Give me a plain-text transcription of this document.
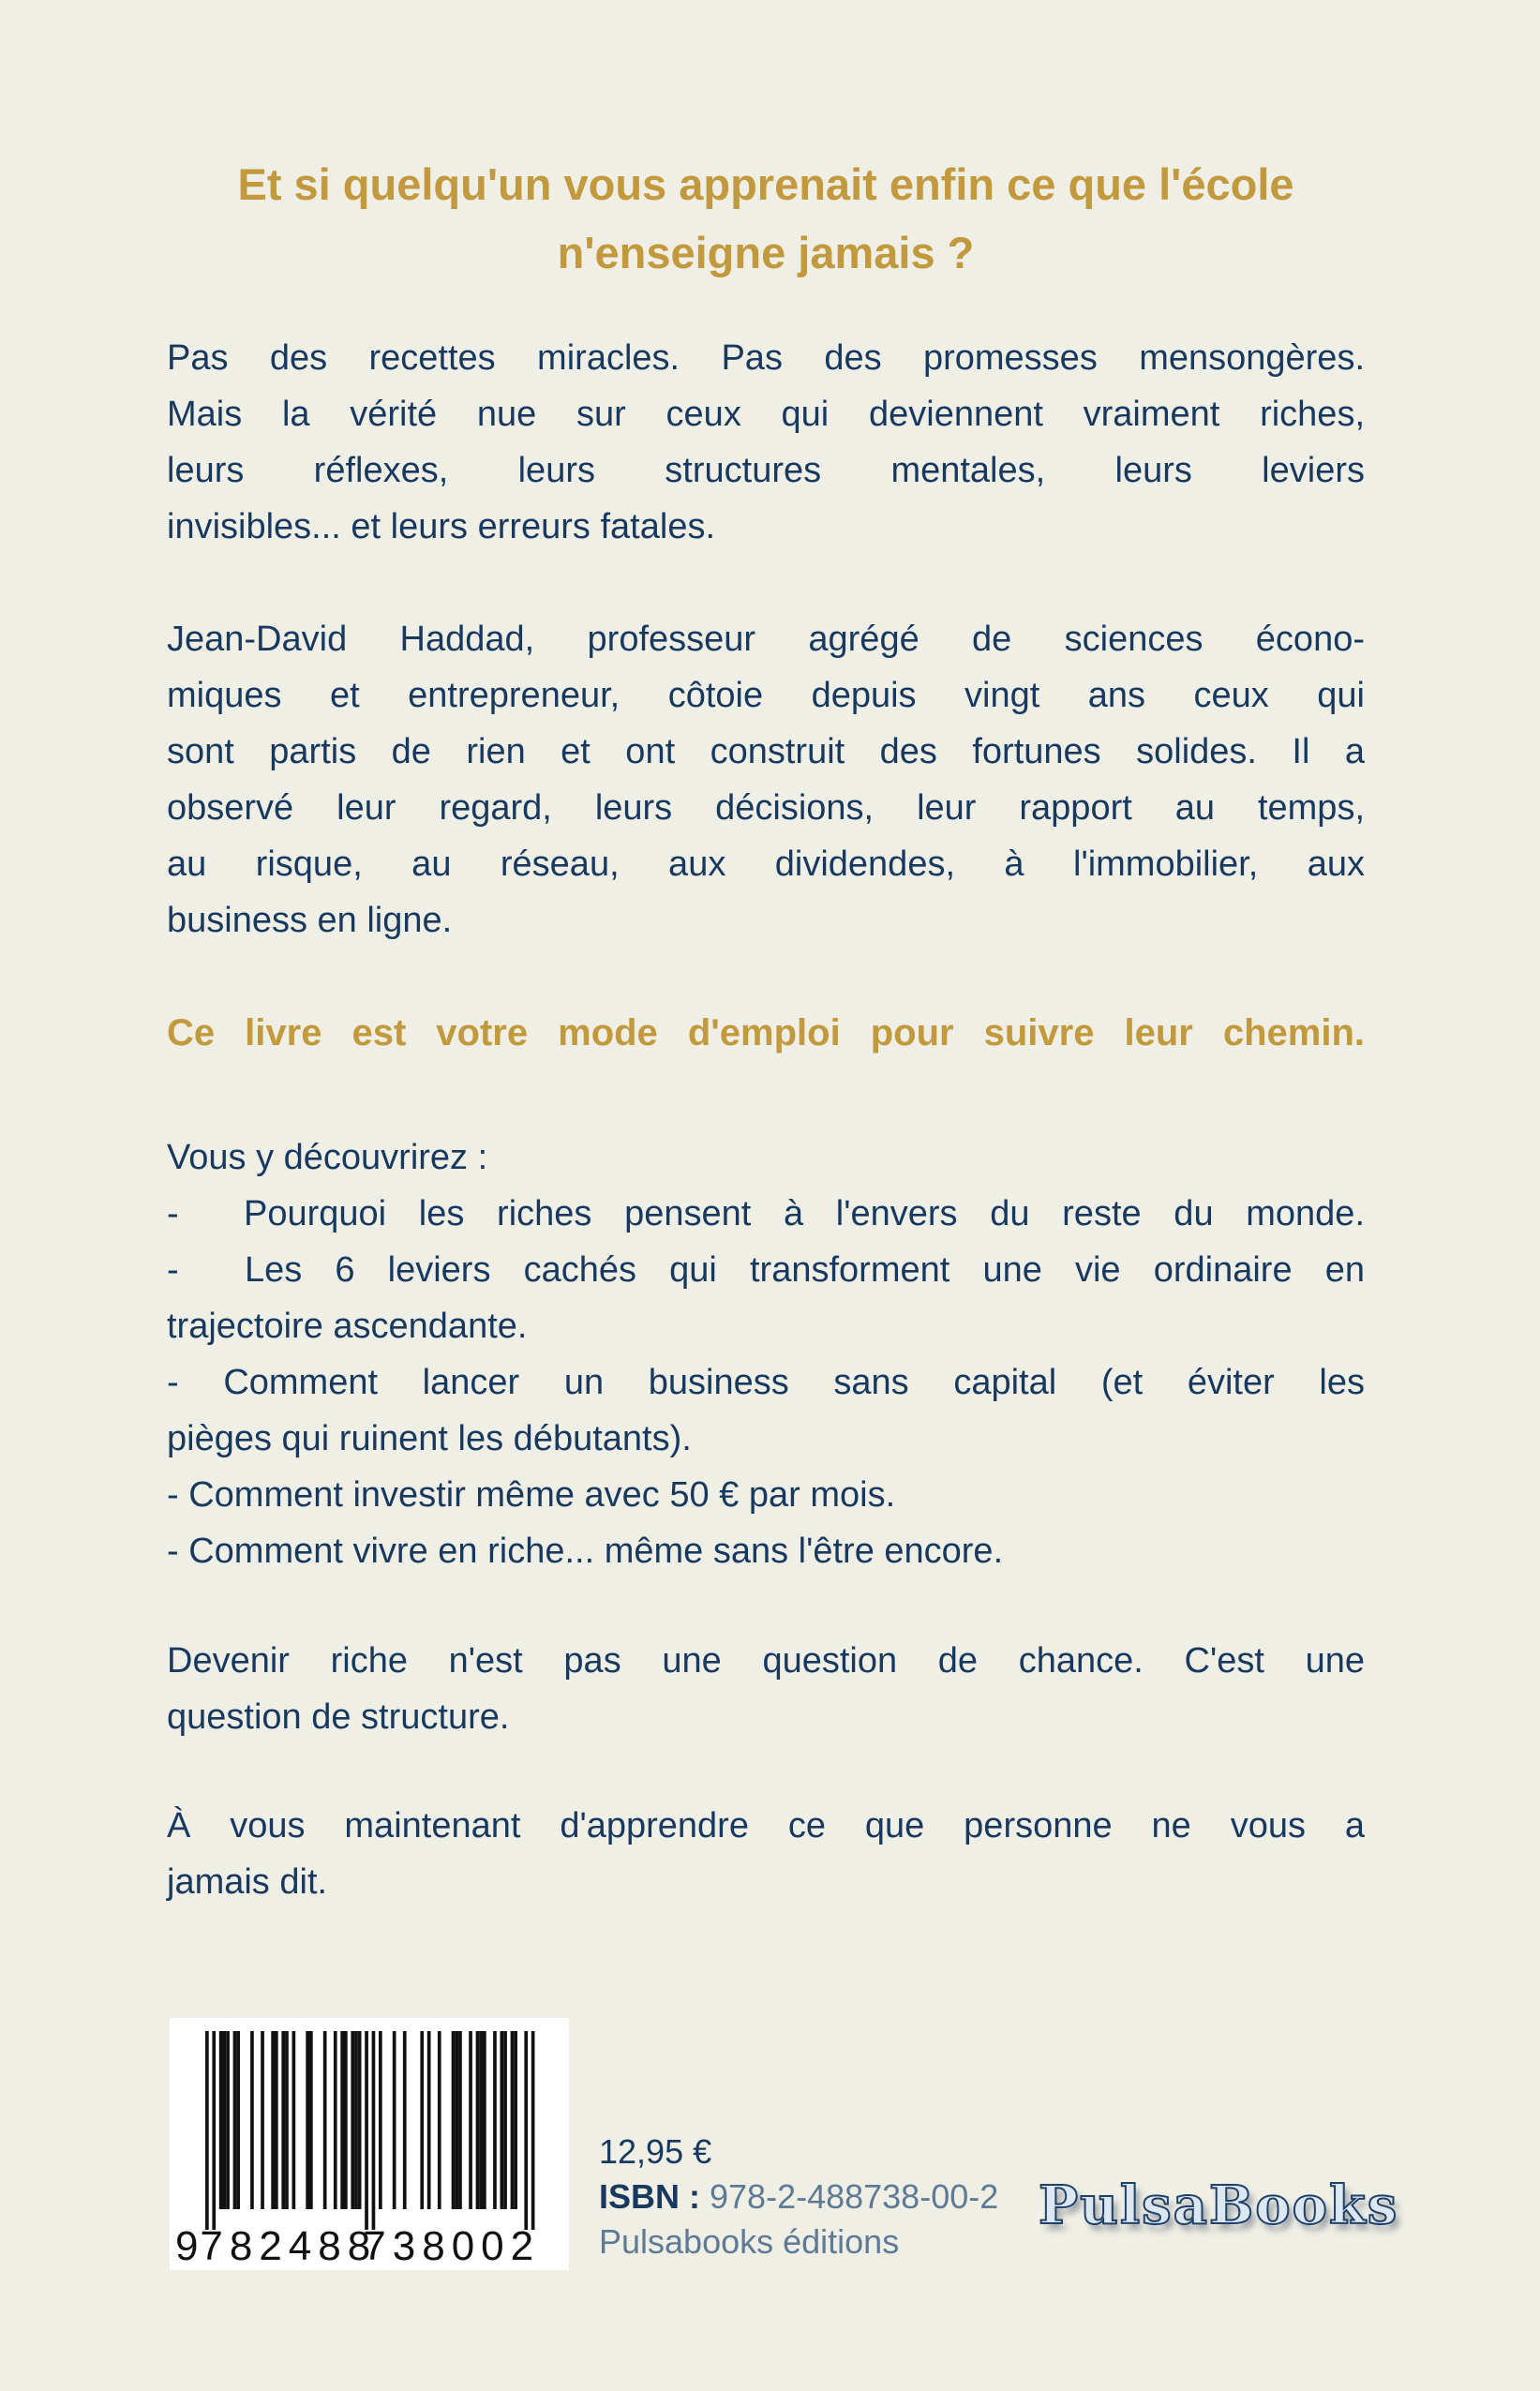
Et si quelqu'un vous apprenait enfin ce que l'école n'enseigne jamais ?
Pas des recettes miracles. Pas des promesses mensongères.
Mais la vérité nue sur ceux qui deviennent vraiment riches,
leurs réflexes, leurs structures mentales, leurs leviers
invisibles... et leurs erreurs fatales.
Jean-David Haddad, professeur agrégé de sciences écono-
miques et entrepreneur, côtoie depuis vingt ans ceux qui
sont partis de rien et ont construit des fortunes solides. Il a
observé leur regard, leurs décisions, leur rapport au temps,
au risque, au réseau, aux dividendes, à l'immobilier, aux
business en ligne.
Ce livre est votre mode d'emploi pour suivre leur chemin.
Vous y découvrirez :
-  Pourquoi les riches pensent à l'envers du reste du monde.
-  Les 6 leviers cachés qui transforment une vie ordinaire en
trajectoire ascendante.
- Comment lancer un business sans capital (et éviter les
pièges qui ruinent les débutants).
- Comment investir même avec 50 € par mois.
- Comment vivre en riche... même sans l'être encore.
Devenir riche n'est pas une question de chance. C'est une
question de structure.
À vous maintenant d'apprendre ce que personne ne vous a
jamais dit.
9 782488
738002
12,95 €
ISBN : 978-2-488738-00-2
Pulsabooks éditions
PulsaBooks
